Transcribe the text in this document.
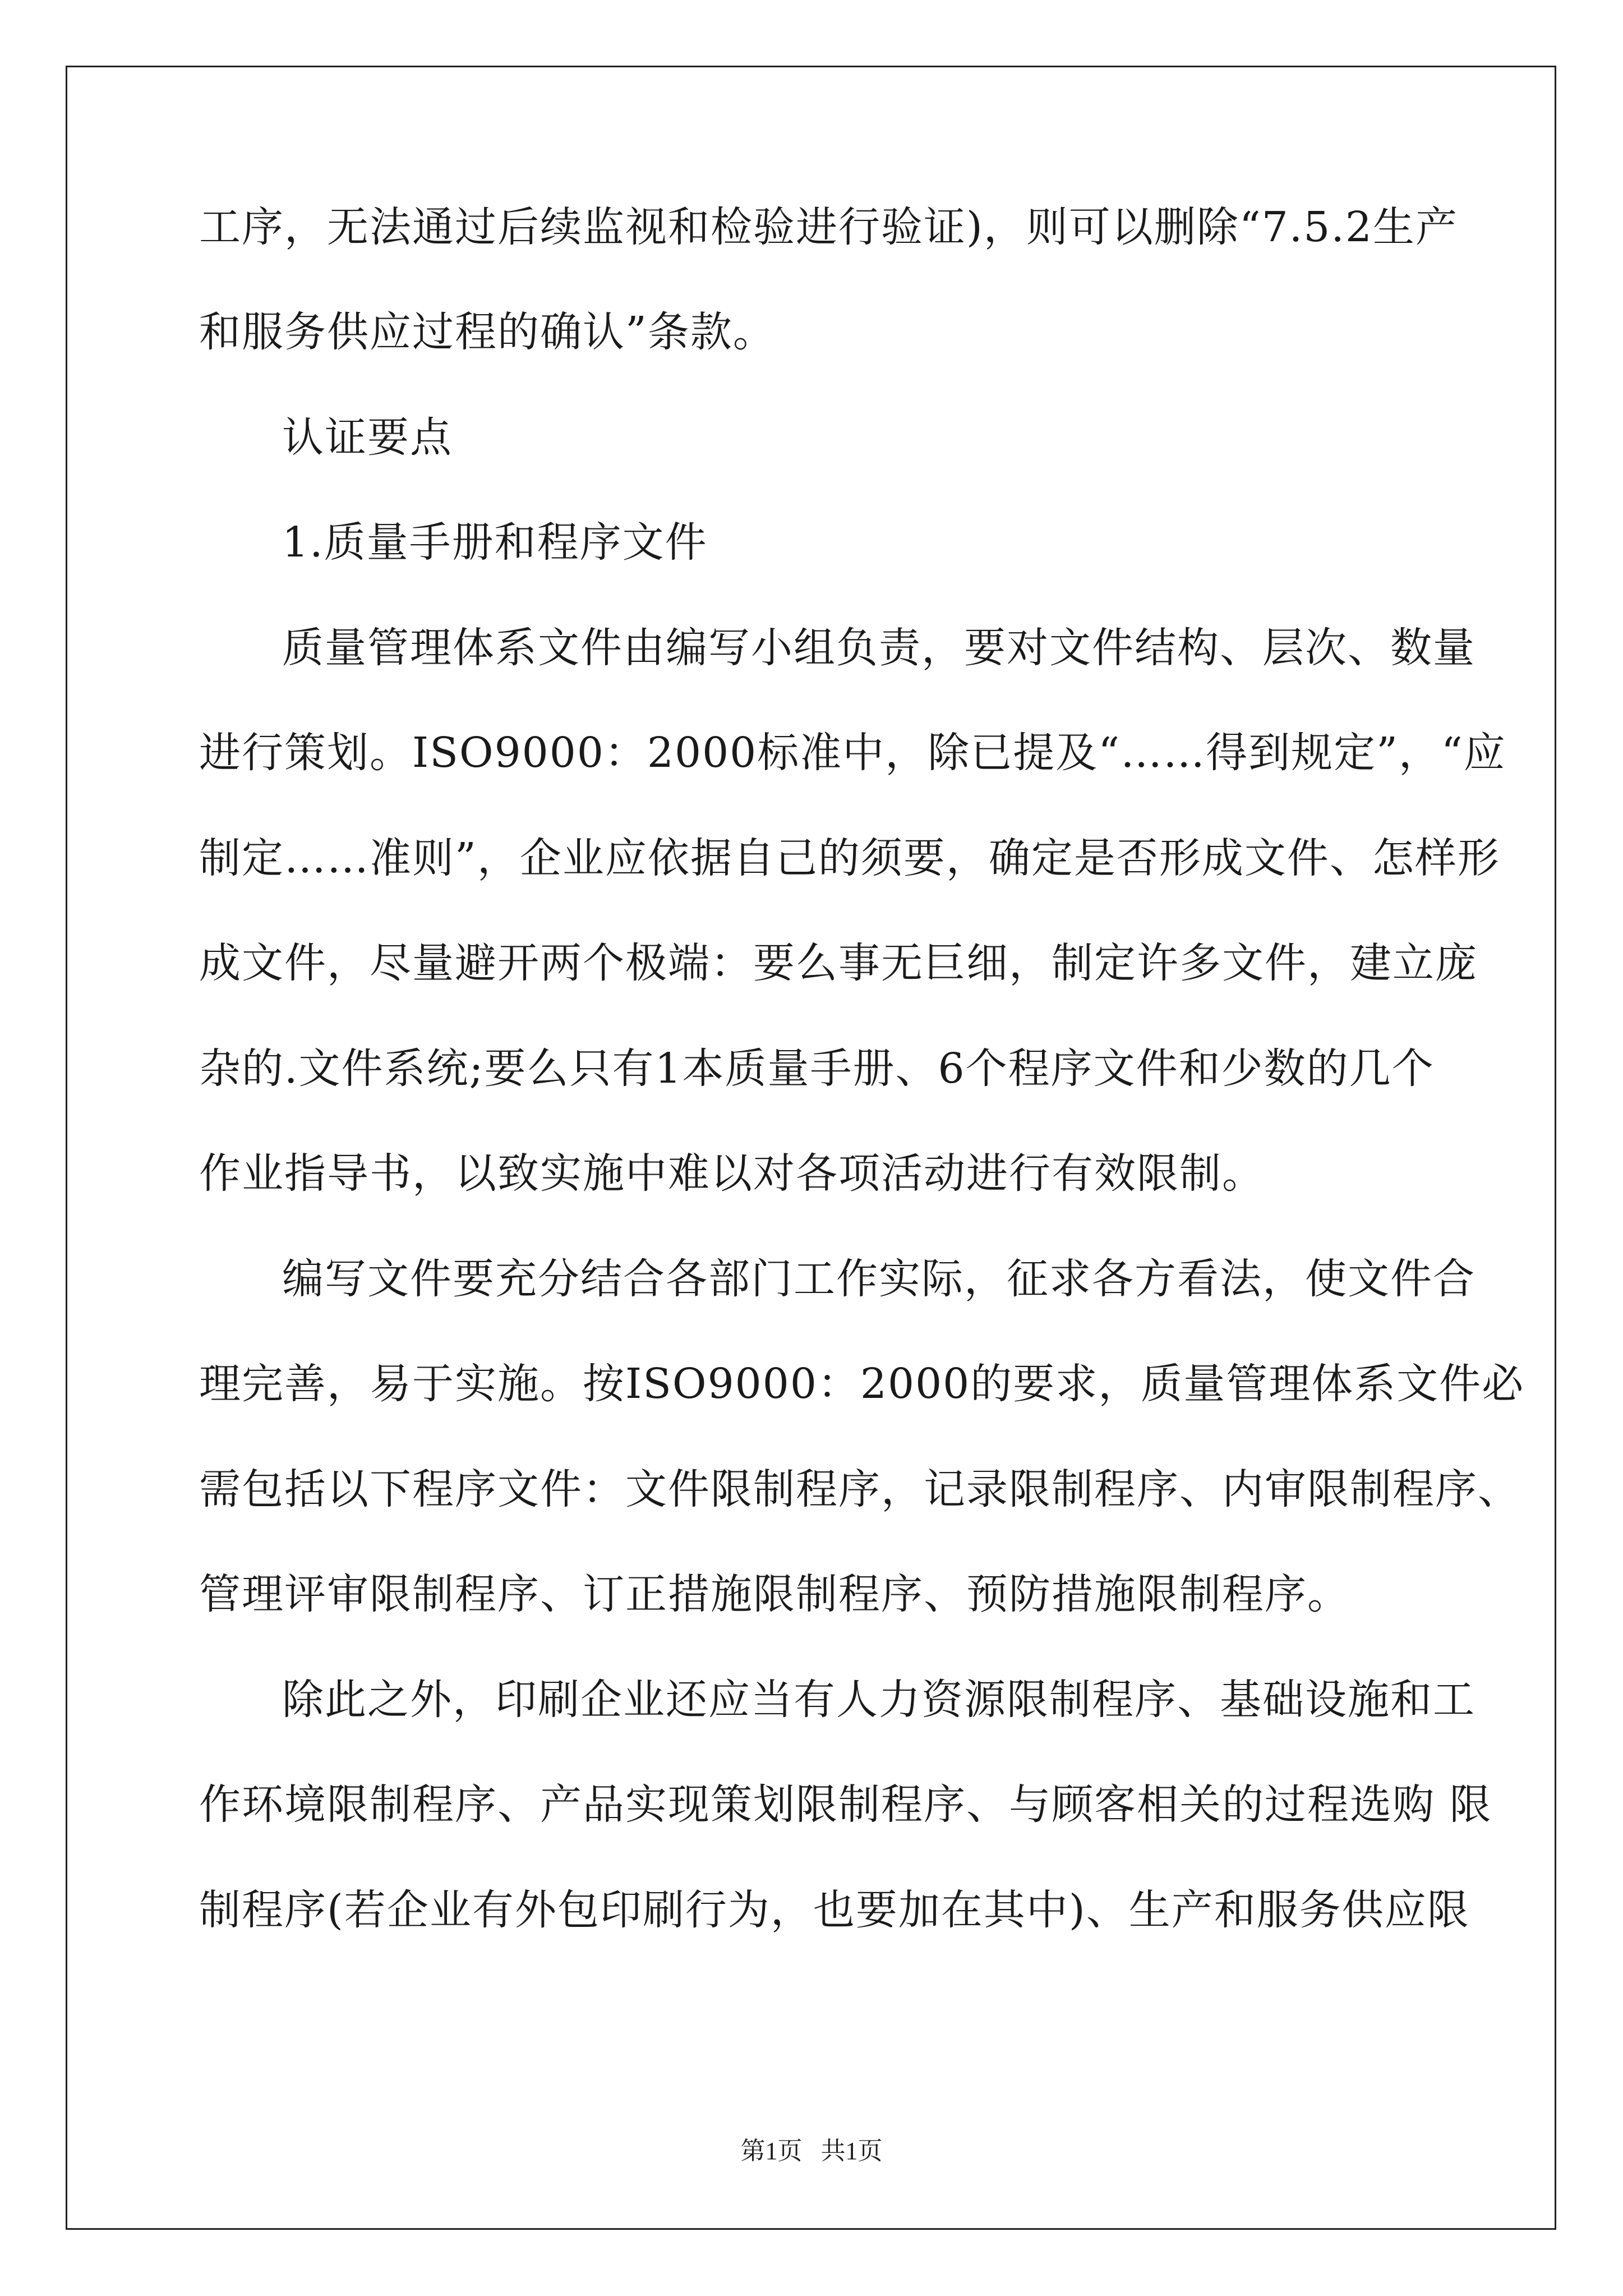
工序，无法通过后续监视和检验进行验证)，则可以删除“7.5.2生产
和服务供应过程的确认”条款。
认证要点
1.质量手册和程序文件
质量管理体系文件由编写小组负责，要对文件结构、层次、数量
进行策划。ISO9000：2000标准中，除已提及“……得到规定”，“应
制定……准则”，企业应依据自己的须要，确定是否形成文件、怎样形
成文件，尽量避开两个极端：要么事无巨细，制定许多文件，建立庞
杂的.文件系统;要么只有1本质量手册、6个程序文件和少数的几个
作业指导书，以致实施中难以对各项活动进行有效限制。
编写文件要充分结合各部门工作实际，征求各方看法，使文件合
理完善，易于实施。按ISO9000：2000的要求，质量管理体系文件必
需包括以下程序文件：文件限制程序，记录限制程序、内审限制程序、
管理评审限制程序、订正措施限制程序、预防措施限制程序。
除此之外，印刷企业还应当有人力资源限制程序、基础设施和工
作环境限制程序、产品实现策划限制程序、与顾客相关的过程选购 限
制程序(若企业有外包印刷行为，也要加在其中)、生产和服务供应限
第1页   共1页
